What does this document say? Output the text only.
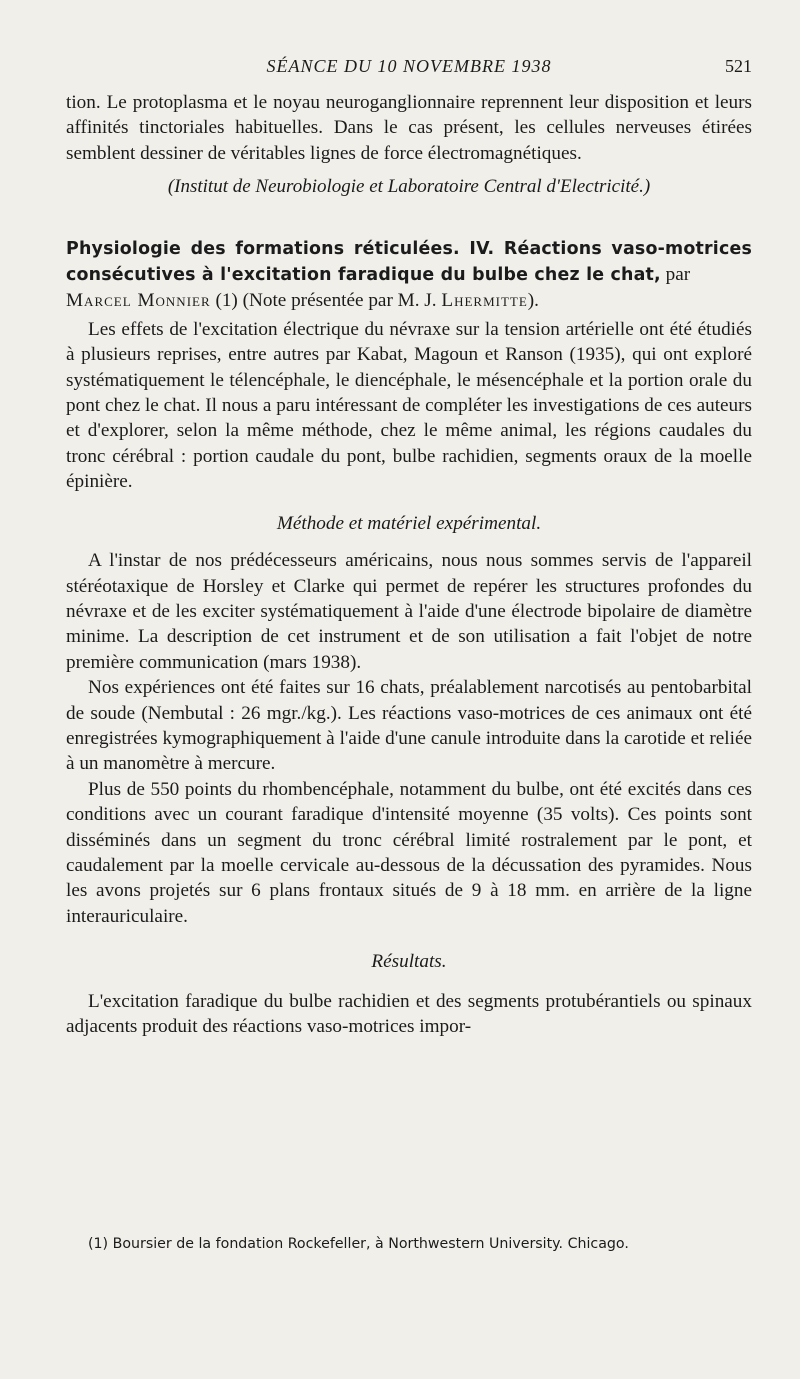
SÉANCE DU 10 NOVEMBRE 1938	521

tion. Le protoplasma et le noyau neuroganglionnaire reprennent leur disposition et leurs affinités tinctoriales habituelles. Dans le cas présent, les cellules nerveuses étirées semblent dessiner de véritables lignes de force électromagnétiques.

(Institut de Neurobiologie et Laboratoire Central d'Electricité.)

Physiologie des formations réticulées. IV. Réactions vaso-motrices consécutives à l'excitation faradique du bulbe chez le chat, par
Marcel Monnier (1) (Note présentée par M. J. Lhermitte).

Les effets de l'excitation électrique du névraxe sur la tension artérielle ont été étudiés à plusieurs reprises, entre autres par Kabat, Magoun et Ranson (1935), qui ont exploré systématiquement le télencéphale, le diencéphale, le mésencéphale et la portion orale du pont chez le chat. Il nous a paru intéressant de compléter les investigations de ces auteurs et d'explorer, selon la même méthode, chez le même animal, les régions caudales du tronc cérébral : portion caudale du pont, bulbe rachidien, segments oraux de la moelle épinière.

Méthode et matériel expérimental.

A l'instar de nos prédécesseurs américains, nous nous sommes servis de l'appareil stéréotaxique de Horsley et Clarke qui permet de repérer les structures profondes du névraxe et de les exciter systématiquement à l'aide d'une électrode bipolaire de diamètre minime. La description de cet instrument et de son utilisation a fait l'objet de notre première communication (mars 1938).

Nos expériences ont été faites sur 16 chats, préalablement narcotisés au pentobarbital de soude (Nembutal : 26 mgr./kg.). Les réactions vaso-motrices de ces animaux ont été enregistrées kymographiquement à l'aide d'une canule introduite dans la carotide et reliée à un manomètre à mercure.

Plus de 550 points du rhombencéphale, notamment du bulbe, ont été excités dans ces conditions avec un courant faradique d'intensité moyenne (35 volts). Ces points sont disséminés dans un segment du tronc cérébral limité rostralement par le pont, et caudalement par la moelle cervicale au-dessous de la décussation des pyramides. Nous les avons projetés sur 6 plans frontaux situés de 9 à 18 mm. en arrière de la ligne interauriculaire.

Résultats.

L'excitation faradique du bulbe rachidien et des segments protubérantiels ou spinaux adjacents produit des réactions vaso-motrices impor-

(1) Boursier de la fondation Rockefeller, à Northwestern University. Chicago.
